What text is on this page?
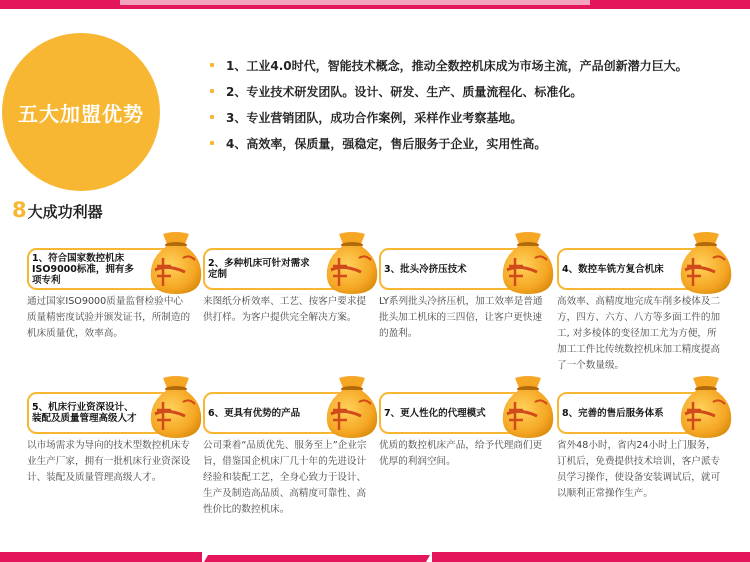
五大加盟优势
1、工业4.0时代，智能技术概念，推动全数控机床成为市场主流，产品创新潜力巨大。
2、专业技术研发团队。设计、研发、生产、质量流程化、标准化。
3、专业营销团队，成功合作案例，采样作业考察基地。
4、高效率，保质量，强稳定，售后服务于企业，实用性高。
8 大成功利器
1、符合国家数控机床ISO9000标准，拥有多项专利
通过国家ISO9000质量监督检验中心质量精密度试验并颁发证书，所制造的机床质量优，效率高。
2、多种机床可针对需求定制
来图纸分析效率、工艺、按客户要求提供打样。为客户提供完全解决方案。
3、批头冷挤压技术
LY系列批头冷挤压机，加工效率是普通批头加工机床的三四倍，让客户更快速的盈利。
4、数控车铣方复合机床
高效率、高精度地完成车削多棱体及二方，四方、六方、八方等多面工件的加工, 对多棱体的变径加工尤为方便，所加工工件比传统数控机床加工精度提高了一个数量级。
5、机床行业资深设计、装配及质量管理高级人才
以市场需求为导向的技术型数控机床专业生产厂家，拥有一批机床行业资深设计、装配及质量管理高级人才。
6、更具有优势的产品
公司秉着“品质优先、服务至上”企业宗旨，借鉴国企机床厂几十年的先进设计经验和装配工艺，全身心致力于设计、生产及制造高品质、高精度可靠性、高性价比的数控机床。
7、更人性化的代理模式
优质的数控机床产品，给予代理商们更优厚的利润空间。
8、完善的售后服务体系
省外48小时，省内24小时上门服务，订机后，免费提供技术培训，客户派专员学习操作，使设备安装调试后，就可以顺利正常操作生产。
